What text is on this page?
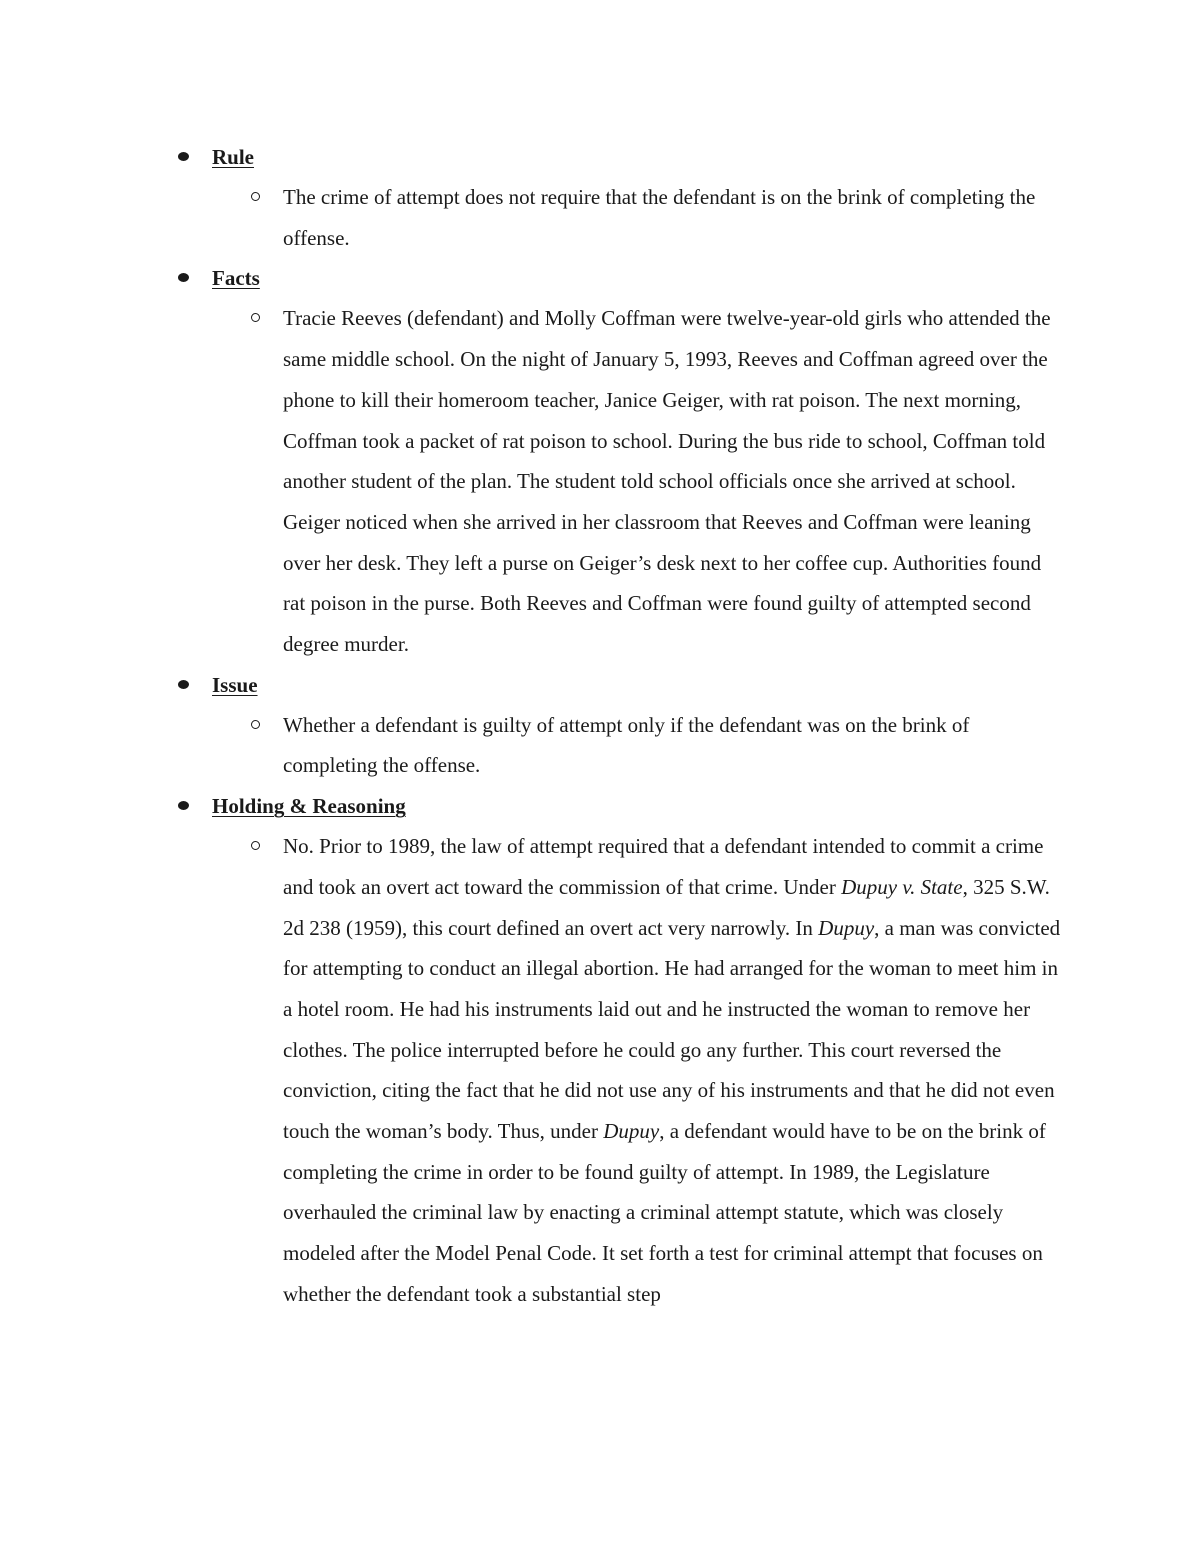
Rule

The crime of attempt does not require that the defendant is on the brink of completing the offense.

Facts

Tracie Reeves (defendant) and Molly Coffman were twelve-year-old girls who attended the same middle school. On the night of January 5, 1993, Reeves and Coffman agreed over the phone to kill their homeroom teacher, Janice Geiger, with rat poison. The next morning, Coffman took a packet of rat poison to school. During the bus ride to school, Coffman told another student of the plan. The student told school officials once she arrived at school. Geiger noticed when she arrived in her classroom that Reeves and Coffman were leaning over her desk. They left a purse on Geiger’s desk next to her coffee cup. Authorities found rat poison in the purse. Both Reeves and Coffman were found guilty of attempted second degree murder.

Issue

Whether a defendant is guilty of attempt only if the defendant was on the brink of completing the offense.

Holding & Reasoning

No. Prior to 1989, the law of attempt required that a defendant intended to commit a crime and took an overt act toward the commission of that crime. Under Dupuy v. State, 325 S.W. 2d 238 (1959), this court defined an overt act very narrowly. In Dupuy, a man was convicted for attempting to conduct an illegal abortion. He had arranged for the woman to meet him in a hotel room. He had his instruments laid out and he instructed the woman to remove her clothes. The police interrupted before he could go any further. This court reversed the conviction, citing the fact that he did not use any of his instruments and that he did not even touch the woman’s body. Thus, under Dupuy, a defendant would have to be on the brink of completing the crime in order to be found guilty of attempt. In 1989, the Legislature overhauled the criminal law by enacting a criminal attempt statute, which was closely modeled after the Model Penal Code. It set forth a test for criminal attempt that focuses on whether the defendant took a substantial step
